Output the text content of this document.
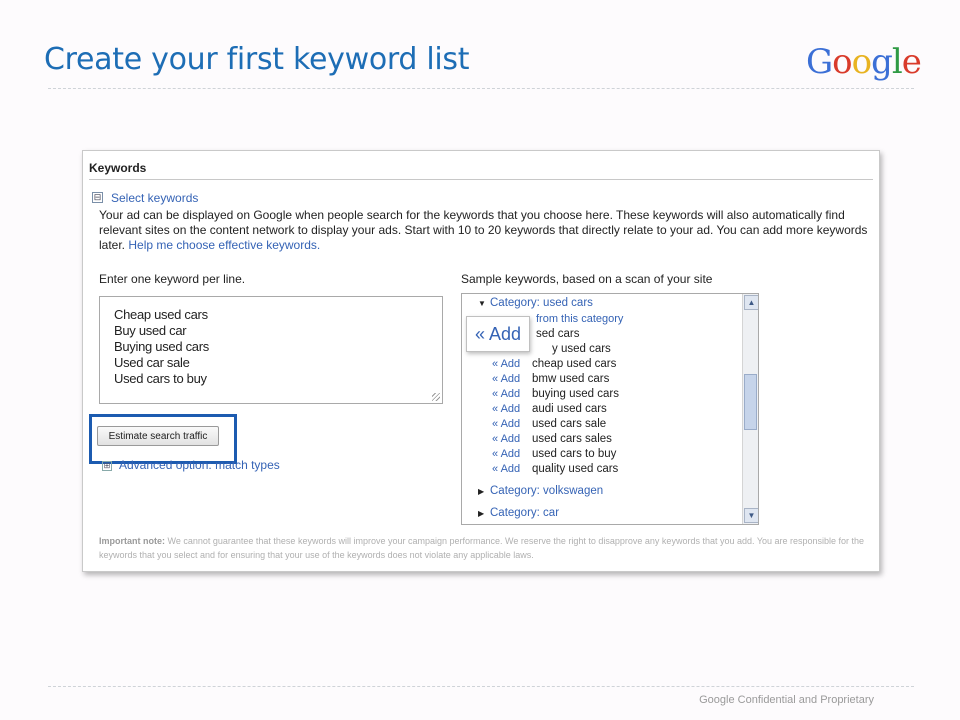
Create your first keyword list	Google
Keywords
⊟ Select keywords
Your ad can be displayed on Google when people search for the keywords that you choose here. These keywords will also automatically find relevant sites on the content network to display your ads. Start with 10 to 20 keywords that directly relate to your ad. You can add more keywords later. Help me choose effective keywords.
Enter one keyword per line.
Cheap used cars
Buy used car
Buying used cars
Used car sale
Used cars to buy
Estimate search traffic
⊞ Advanced option: match types
Sample keywords, based on a scan of your site
▼ Category: used cars
from this category
sed cars
y used cars
« Add
« Add cheap used cars
« Add bmw used cars
« Add buying used cars
« Add audi used cars
« Add used cars sale
« Add used cars sales
« Add used cars to buy
« Add quality used cars
▶ Category: volkswagen
▶ Category: car
▲
▼
Important note: We cannot guarantee that these keywords will improve your campaign performance. We reserve the right to disapprove any keywords that you add. You are responsible for the keywords that you select and for ensuring that your use of the keywords does not violate any applicable laws.
Google Confidential and Proprietary
